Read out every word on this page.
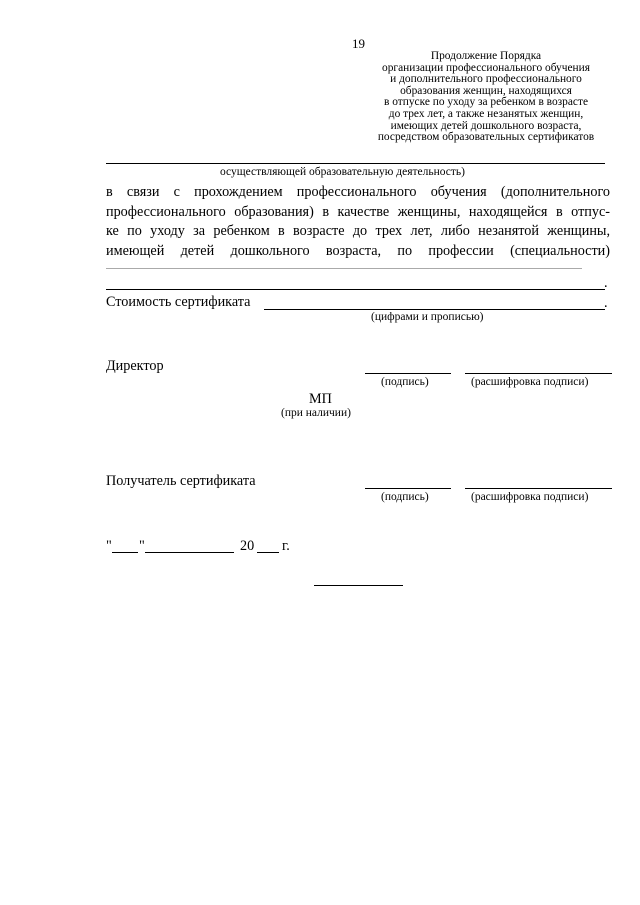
19
Продолжение Порядка
организации профессионального обучения
и дополнительного профессионального
образования женщин, находящихся
в отпуске по уходу за ребенком в возрасте
до трех лет, а также незанятых женщин,
имеющих детей дошкольного возраста,
посредством образовательных сертификатов
осуществляющей образовательную деятельность)
в связи с прохождением профессионального обучения (дополнительного
профессионального образования) в качестве женщины, находящейся в отпус-
ке по уходу за ребенком в возрасте до трех лет, либо незанятой женщины,
имеющей детей дошкольного возраста, по профессии (специальности)
.
Стоимость сертификата	.
(цифрами и прописью)
Директор
(подпись)	(расшифровка подписи)
МП
(при наличии)
Получатель сертификата
(подпись)	(расшифровка подписи)
" "	20 г.
